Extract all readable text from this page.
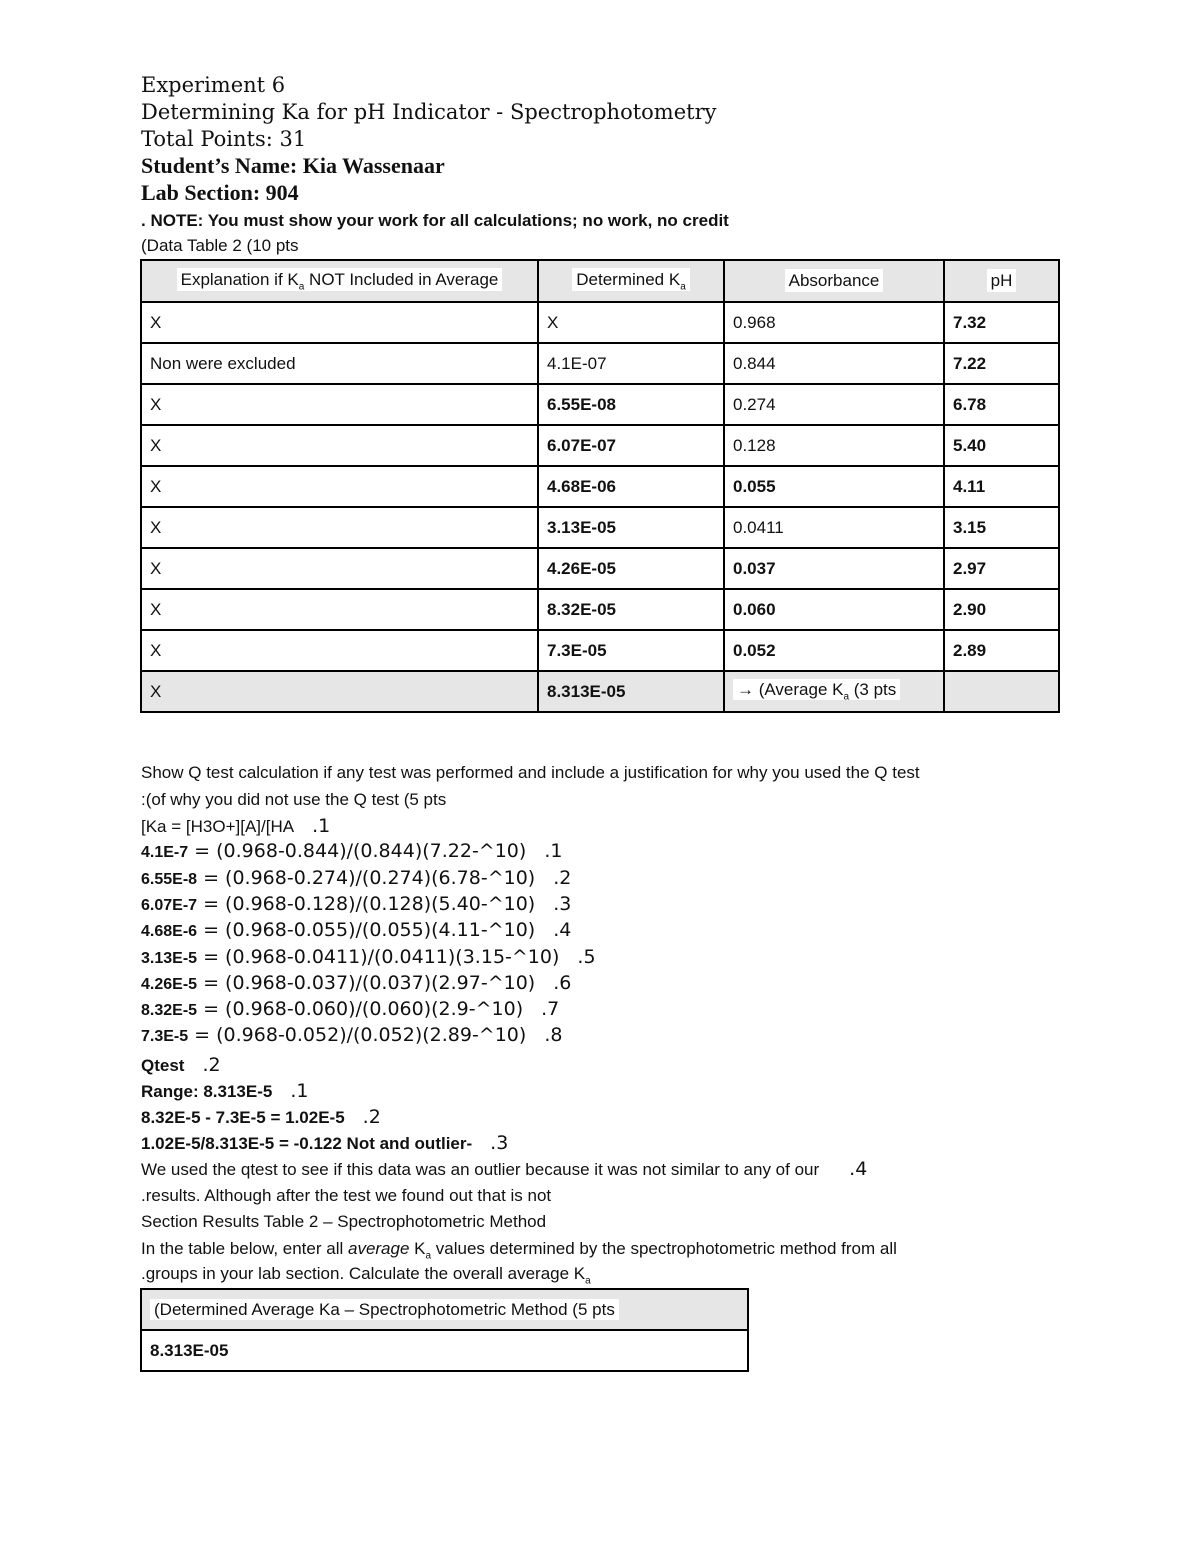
Experiment 6
Determining Ka for pH Indicator - Spectrophotometry
Total Points: 31
Student’s Name: Kia Wassenaar
Lab Section: 904
. NOTE: You must show your work for all calculations; no work, no credit
(Data Table 2 (10 pts
Explanation if $K_a$ NOT Included in Average	Determined $K_a$	Absorbance	pH
X	X	0.968	7.32
Non were excluded	4.1E-07	0.844	7.22
X	6.55E-08	0.274	6.78
X	6.07E-07	0.128	5.40
X	4.68E-06	0.055	4.11
X	3.13E-05	0.0411	3.15
X	4.26E-05	0.037	2.97
X	8.32E-05	0.060	2.90
X	7.3E-05	0.052	2.89
X	8.313E-05	→ (Average $K_a$ (3 pts	
Show Q test calculation if any test was performed and include a justification for why you used the Q test
:(of why you did not use the Q test (5 pts
[Ka = [H3O+][A]/[HA .1
4.1E-7 = (0.968-0.844)/(0.844)(7.22-^10) .1
6.55E-8 = (0.968-0.274)/(0.274)(6.78-^10) .2
6.07E-7 = (0.968-0.128)/(0.128)(5.40-^10) .3
4.68E-6 = (0.968-0.055)/(0.055)(4.11-^10) .4
3.13E-5 = (0.968-0.0411)/(0.0411)(3.15-^10) .5
4.26E-5 = (0.968-0.037)/(0.037)(2.97-^10) .6
8.32E-5 = (0.968-0.060)/(0.060)(2.9-^10) .7
7.3E-5 = (0.968-0.052)/(0.052)(2.89-^10) .8
Qtest .2
Range: 8.313E-5 .1
8.32E-5 - 7.3E-5 = 1.02E-5 .2
1.02E-5/8.313E-5 = -0.122 Not and outlier- .3
We used the qtest to see if this data was an outlier because it was not similar to any of our .4
.results. Although after the test we found out that is not
Section Results Table 2 – Spectrophotometric Method
In the table below, enter all average $K_a$ values determined by the spectrophotometric method from all
.groups in your lab section. Calculate the overall average $K_a$
(Determined Average Ka – Spectrophotometric Method (5 pts
8.313E-05
